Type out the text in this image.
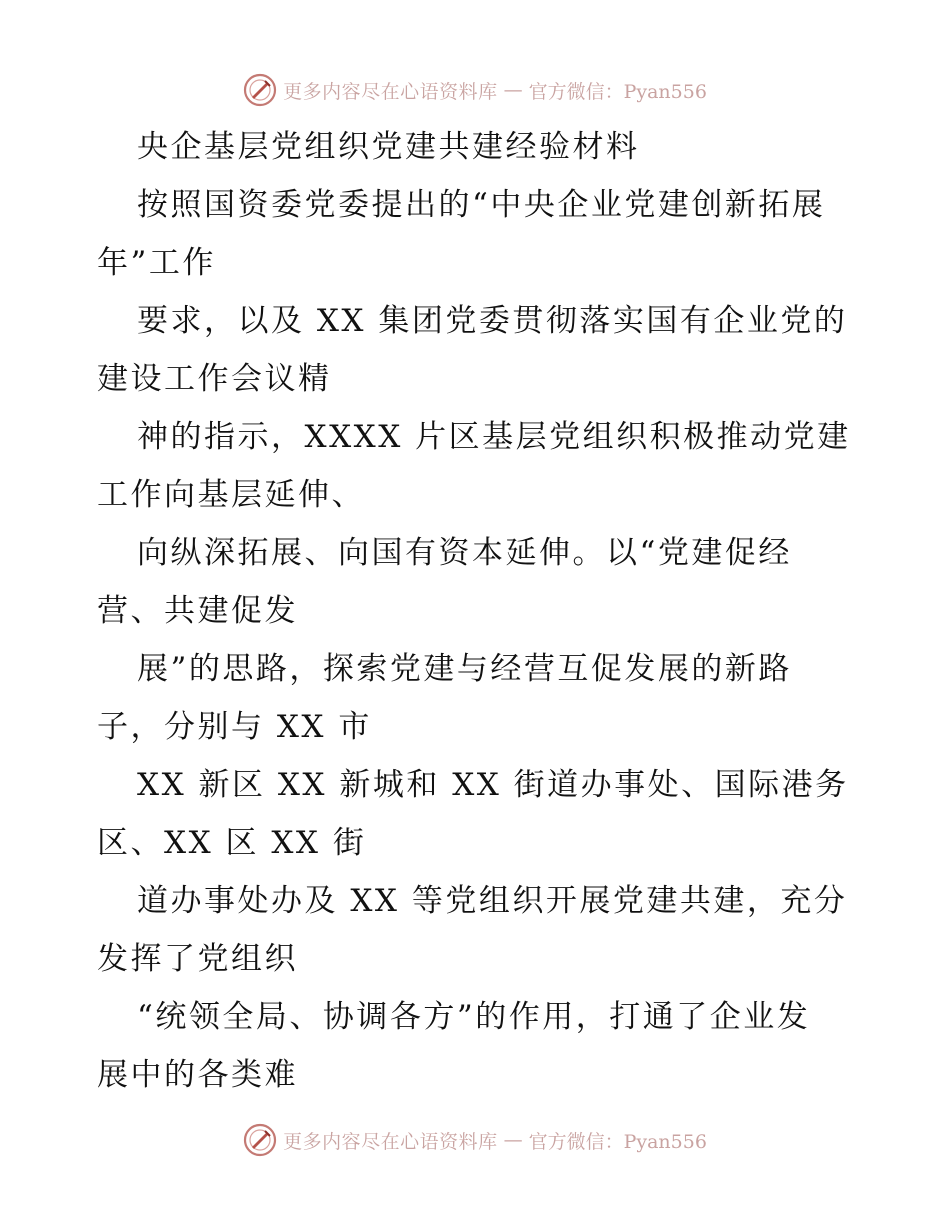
更多内容尽在心语资料库 — 官方微信：Pyan556
央企基层党组织党建共建经验材料
按照国资委党委提出的“中央企业党建创新拓展
年”工作
要求，以及 XX 集团党委贯彻落实国有企业党的
建设工作会议精
神的指示，XXXX 片区基层党组织积极推动党建
工作向基层延伸、
向纵深拓展、向国有资本延伸。以“党建促经
营、共建促发
展”的思路，探索党建与经营互促发展的新路
子，分别与 XX 市
XX 新区 XX 新城和 XX 街道办事处、国际港务
区、XX 区 XX 街
道办事处办及 XX 等党组织开展党建共建，充分
发挥了党组织
“统领全局、协调各方”的作用，打通了企业发
展中的各类难
更多内容尽在心语资料库 — 官方微信：Pyan556
